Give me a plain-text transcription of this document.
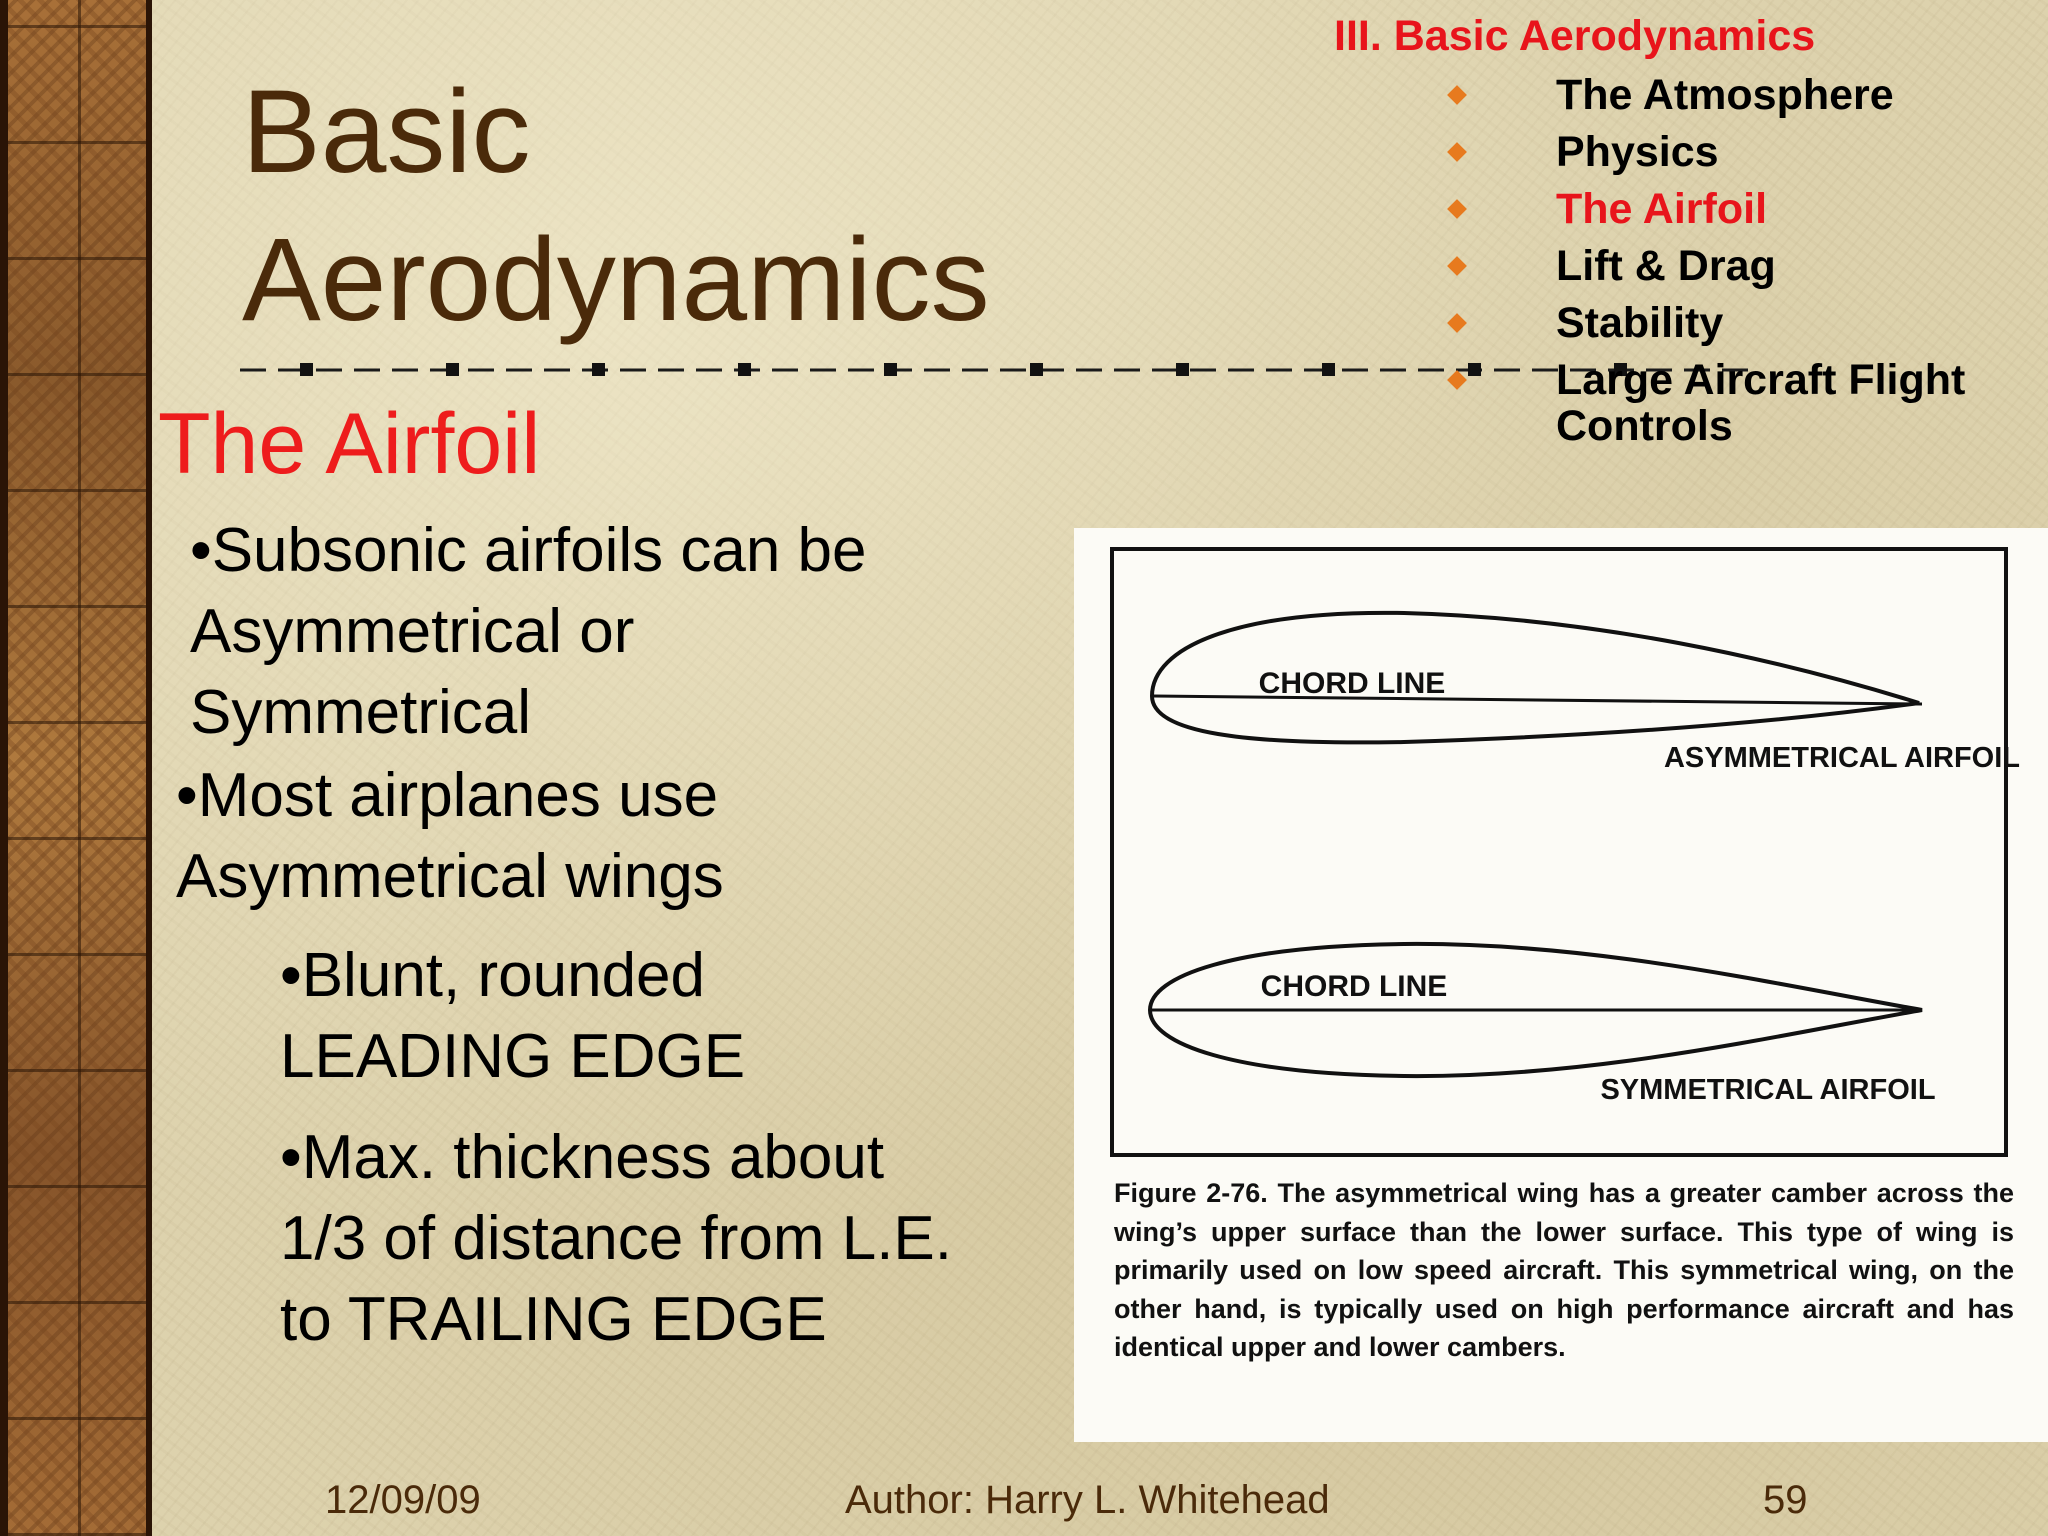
Basic
Aerodynamics
The Airfoil
III. Basic Aerodynamics
The Atmosphere
Physics
The Airfoil
Lift & Drag
Stability
Large Aircraft Flight
Controls

•Subsonic airfoils can be

Asymmetrical or

Symmetrical

•Most airplanes use

Asymmetrical wings

•Blunt, rounded

LEADING EDGE

•Max. thickness about

1/3 of distance from L.E.

to TRAILING EDGE

CHORD LINE
ASYMMETRICAL AIRFOIL
CHORD LINE
SYMMETRICAL AIRFOIL

Figure 2-76. The asymmetrical wing has a greater camber across the wing’s upper surface than the lower surface. This type of wing is primarily used on low speed aircraft. This symmetrical wing, on the other hand, is typically used on high performance aircraft and has identical upper and lower cambers.

12/09/09	Author: Harry L. Whitehead	59
